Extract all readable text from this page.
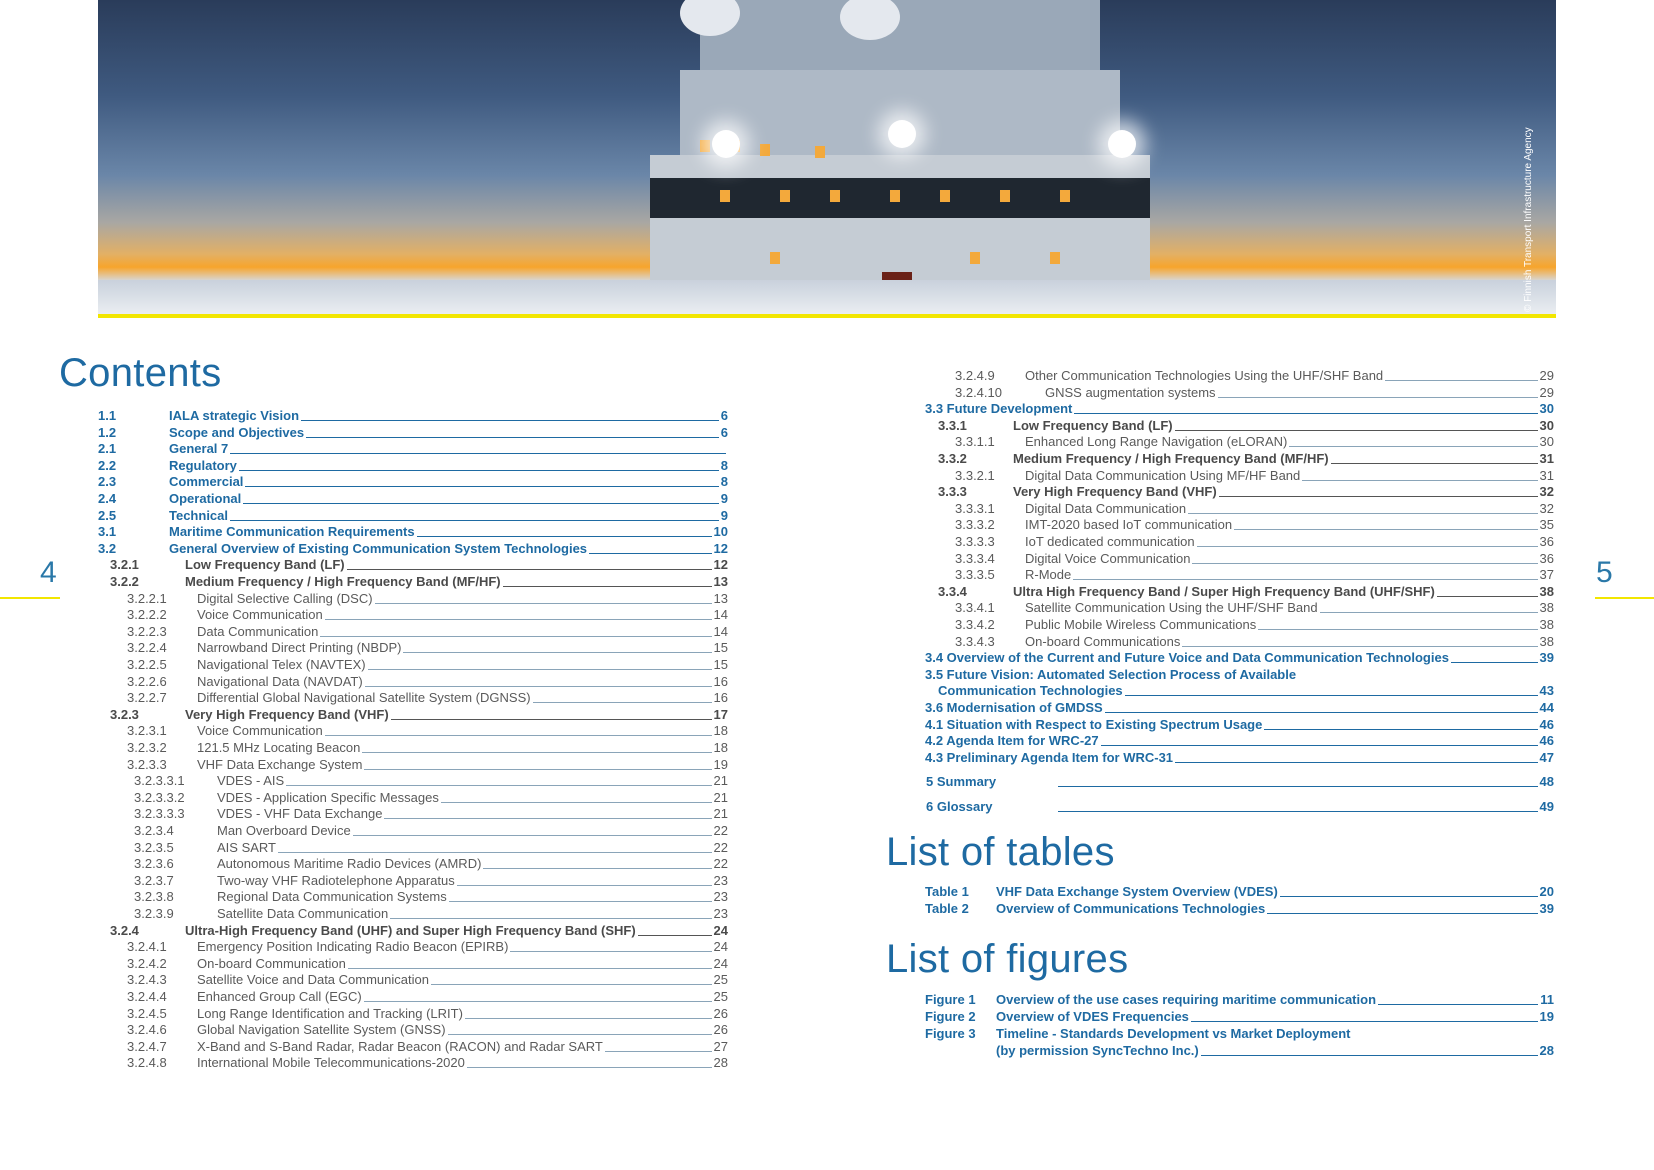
© Finnish Transport Infrastructure Agency
4	5
Contents
List of tables
List of figures
1.1	IALA strategic Vision	6
1.2	Scope and Objectives	6
2.1	General 7
2.2	Regulatory	8
2.3	Commercial	8
2.4	Operational	9
2.5	Technical	9
3.1	Maritime Communication Requirements	10
3.2	General Overview of Existing Communication System Technologies	12
3.2.1	Low Frequency Band (LF)	12
3.2.2	Medium Frequency / High Frequency Band (MF/HF)	13
3.2.2.1 Digital Selective Calling (DSC)	13
3.2.2.2 Voice Communication	14
3.2.2.3 Data Communication	14
3.2.2.4 Narrowband Direct Printing (NBDP)	15
3.2.2.5 Navigational Telex (NAVTEX)	15
3.2.2.6 Navigational Data (NAVDAT)	16
3.2.2.7 Differential Global Navigational Satellite System (DGNSS)	16
3.2.3	Very High Frequency Band (VHF)	17
3.2.3.1 Voice Communication	18
3.2.3.2 121.5 MHz Locating Beacon	18
3.2.3.3 VHF Data Exchange System	19
3.2.3.3.1 VDES - AIS	21
3.2.3.3.2 VDES - Application Specific Messages	21
3.2.3.3.3 VDES - VHF Data Exchange	21
3.2.3.4	Man Overboard Device	22
3.2.3.5	AIS SART	22
3.2.3.6	Autonomous Maritime Radio Devices (AMRD)	22
3.2.3.7	Two-way VHF Radiotelephone Apparatus	23
3.2.3.8	Regional Data Communication Systems	23
3.2.3.9	Satellite Data Communication	23
3.2.4	Ultra-High Frequency Band (UHF) and Super High Frequency Band (SHF)	24
3.2.4.1 Emergency Position Indicating Radio Beacon (EPIRB)	24
3.2.4.2 On-board Communication	24
3.2.4.3 Satellite Voice and Data Communication	25
3.2.4.4 Enhanced Group Call (EGC)	25
3.2.4.5 Long Range Identification and Tracking (LRIT)	26
3.2.4.6 Global Navigation Satellite System (GNSS)	26
3.2.4.7 X-Band and S-Band Radar, Radar Beacon (RACON) and Radar SART	27
3.2.4.8 International Mobile Telecommunications-2020	28
3.2.4.9 Other Communication Technologies Using the UHF/SHF Band	29
3.2.4.10	GNSS augmentation systems	29
3.3 Future Development	30
3.3.1	Low Frequency Band (LF)	30
3.3.1.1 Enhanced Long Range Navigation (eLORAN)	30
3.3.2	Medium Frequency / High Frequency Band (MF/HF)	31
3.3.2.1 Digital Data Communication Using MF/HF Band	31
3.3.3	Very High Frequency Band (VHF)	32
3.3.3.1 Digital Data Communication	32
3.3.3.2 IMT-2020 based IoT communication	35
3.3.3.3 IoT dedicated communication	36
3.3.3.4 Digital Voice Communication	36
3.3.3.5 R-Mode	37
3.3.4	Ultra High Frequency Band / Super High Frequency Band (UHF/SHF)	38
3.3.4.1 Satellite Communication Using the UHF/SHF Band	38
3.3.4.2 Public Mobile Wireless Communications	38
3.3.4.3 On-board Communications	38
3.4 Overview of the Current and Future Voice and Data Communication Technologies	39
3.5 Future Vision: Automated Selection Process of Available
Communication Technologies	43
3.6 Modernisation of GMDSS	44
4.1 Situation with Respect to Existing Spectrum Usage	46
4.2 Agenda Item for WRC-27	46
4.3 Preliminary Agenda Item for WRC-31	47
5 Summary	48
6 Glossary	49
Table 1 VHF Data Exchange System Overview (VDES)	20
Table 2 Overview of Communications Technologies	39
Figure 1 Overview of the use cases requiring maritime communication	11
Figure 2 Overview of VDES Frequencies	19
Figure 3 Timeline - Standards Development vs Market Deployment
(by permission SyncTechno Inc.)	28
